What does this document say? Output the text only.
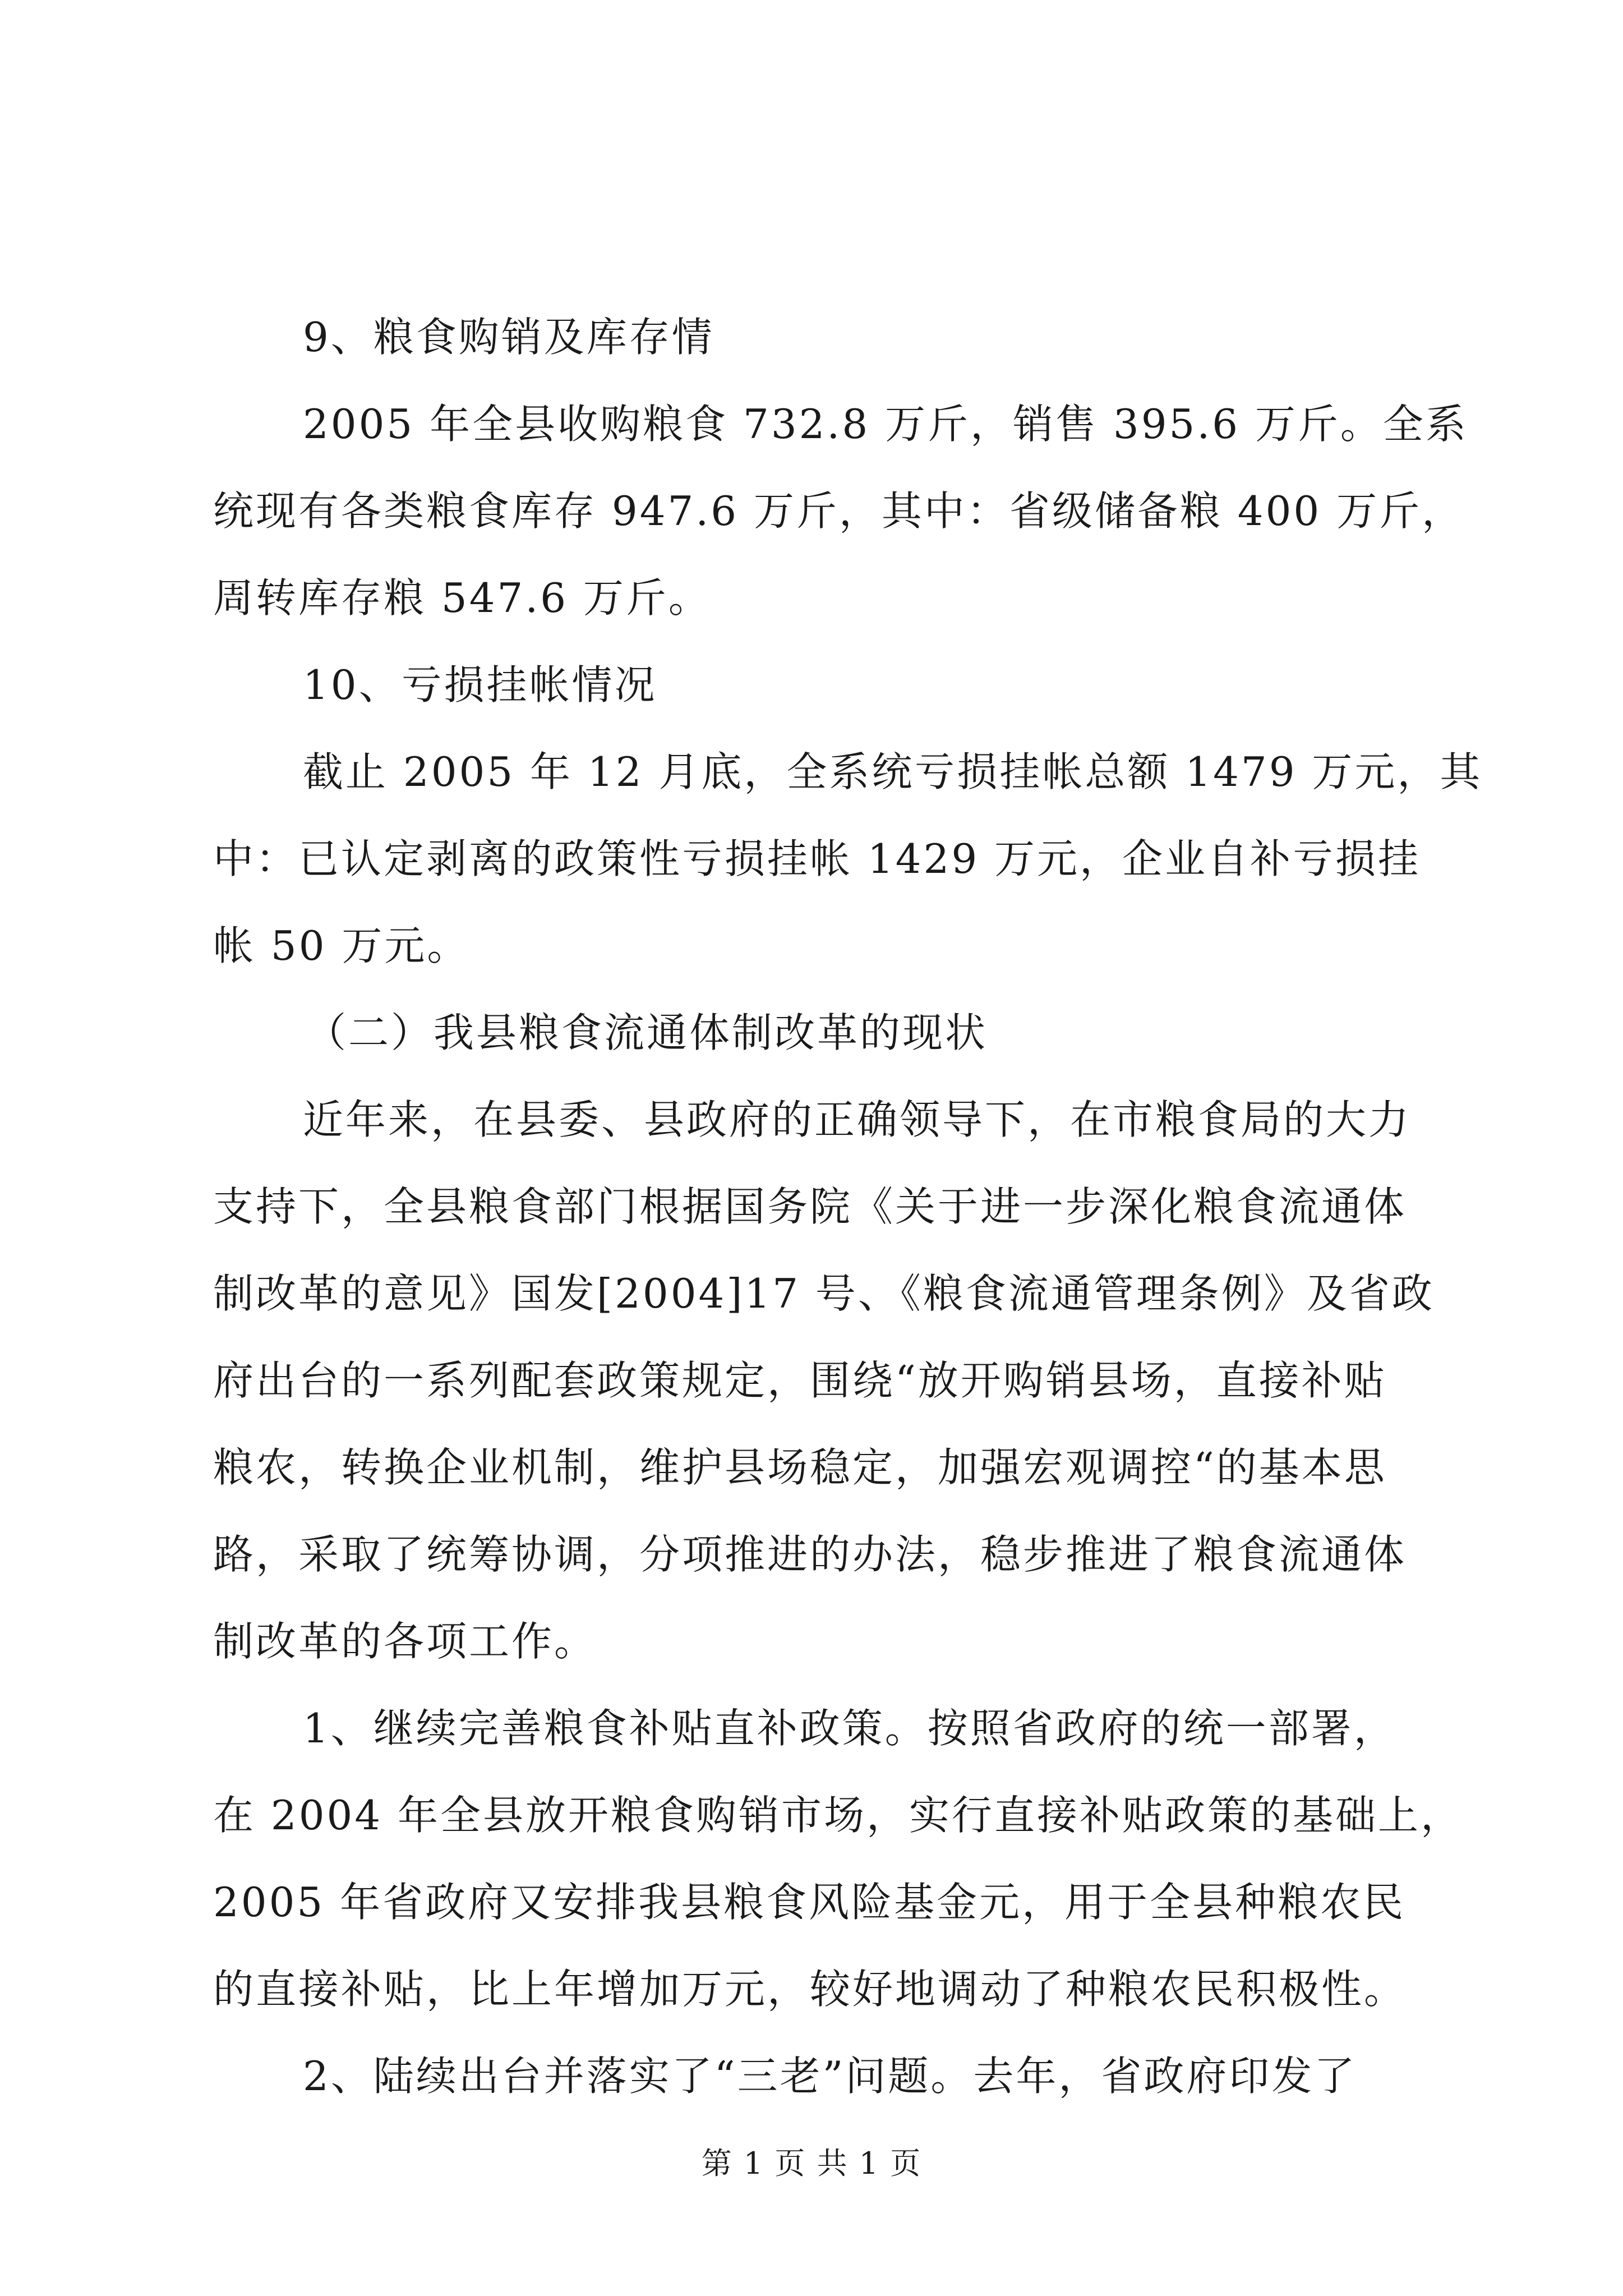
9、粮食购销及库存情
2005 年全县收购粮食 732.8 万斤，销售 395.6 万斤。全系
统现有各类粮食库存 947.6 万斤，其中：省级储备粮 400 万斤，
周转库存粮 547.6 万斤。
10、亏损挂帐情况
截止 2005 年 12 月底，全系统亏损挂帐总额 1479 万元，其
中：已认定剥离的政策性亏损挂帐 1429 万元，企业自补亏损挂
帐 50 万元。
（二）我县粮食流通体制改革的现状
近年来，在县委、县政府的正确领导下，在市粮食局的大力
支持下，全县粮食部门根据国务院《关于进一步深化粮食流通体
制改革的意见》国发[2004]17 号、《粮食流通管理条例》及省政
府出台的一系列配套政策规定，围绕“放开购销县场，直接补贴
粮农，转换企业机制，维护县场稳定，加强宏观调控“的基本思
路，采取了统筹协调，分项推进的办法，稳步推进了粮食流通体
制改革的各项工作。
1、继续完善粮食补贴直补政策。按照省政府的统一部署，
在 2004 年全县放开粮食购销市场，实行直接补贴政策的基础上，
2005 年省政府又安排我县粮食风险基金元，用于全县种粮农民
的直接补贴，比上年增加万元，较好地调动了种粮农民积极性。
2、陆续出台并落实了“三老”问题。去年，省政府印发了
第 1 页 共 1 页
